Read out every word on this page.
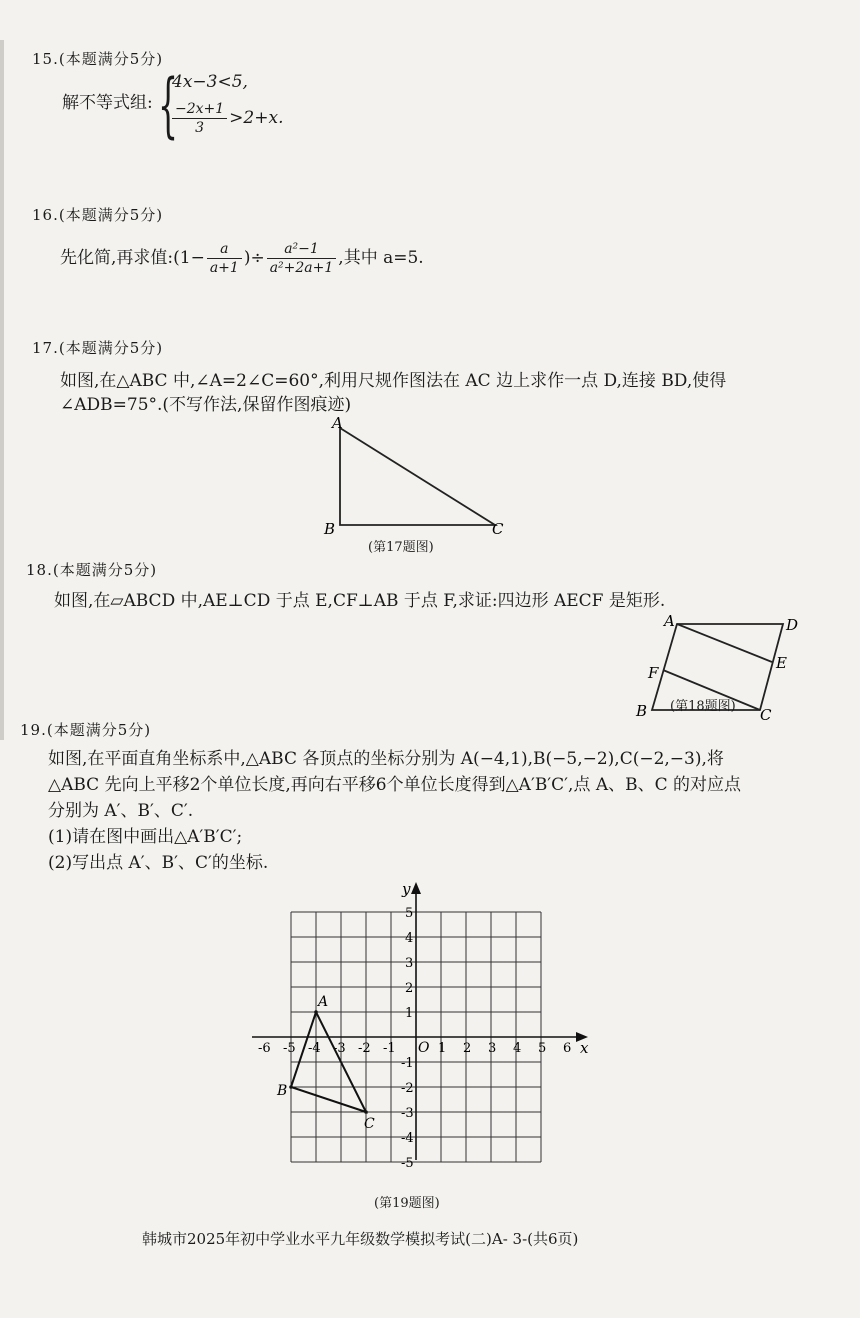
15.(本题满分5分)
解不等式组: {
4x−3<5,
$\frac{-2x+1}{3} >2+x$.
16.(本题满分5分)
先化简,再求值:(1− $\frac{a}{a+1}$ )÷ $\frac{\text{a²−1}}{\text{a²+2a+1}}$ ,其中 a=5.
17.(本题满分5分)
如图,在△ABC 中,∠A=2∠C=60°,利用尺规作图法在 AC 边上求作一点 D,连接 BD,使得
∠ADB=75°.(不写作法,保留作图痕迹)
A
B	C
(第17题图)
18.(本题满分5分)
如图,在▱ABCD 中,AE⊥CD 于点 E,CF⊥AB 于点 F,求证:四边形 AECF 是矩形.
A	D
E
F
B	C
(第18题图)
19.(本题满分5分)
如图,在平面直角坐标系中,△ABC 各顶点的坐标分别为 A(−4,1),B(−5,−2),C(−2,−3),将
△ABC 先向上平移2个单位长度,再向右平移6个单位长度得到△A′B′C′,点 A、B、C 的对应点
分别为 A′、B′、C′.
(1)请在图中画出△A′B′C′;
(2)写出点 A′、B′、C′的坐标.
x
y
O
-6 -5 -4 -3 -2 -1	1 2 3 4 5 6
5
4
3
2
1
-1
-2
-3
-4
-5
A
B
C
(第19题图)
韩城市2025年初中学业水平九年级数学模拟考试(二)A- 3-(共6页)
